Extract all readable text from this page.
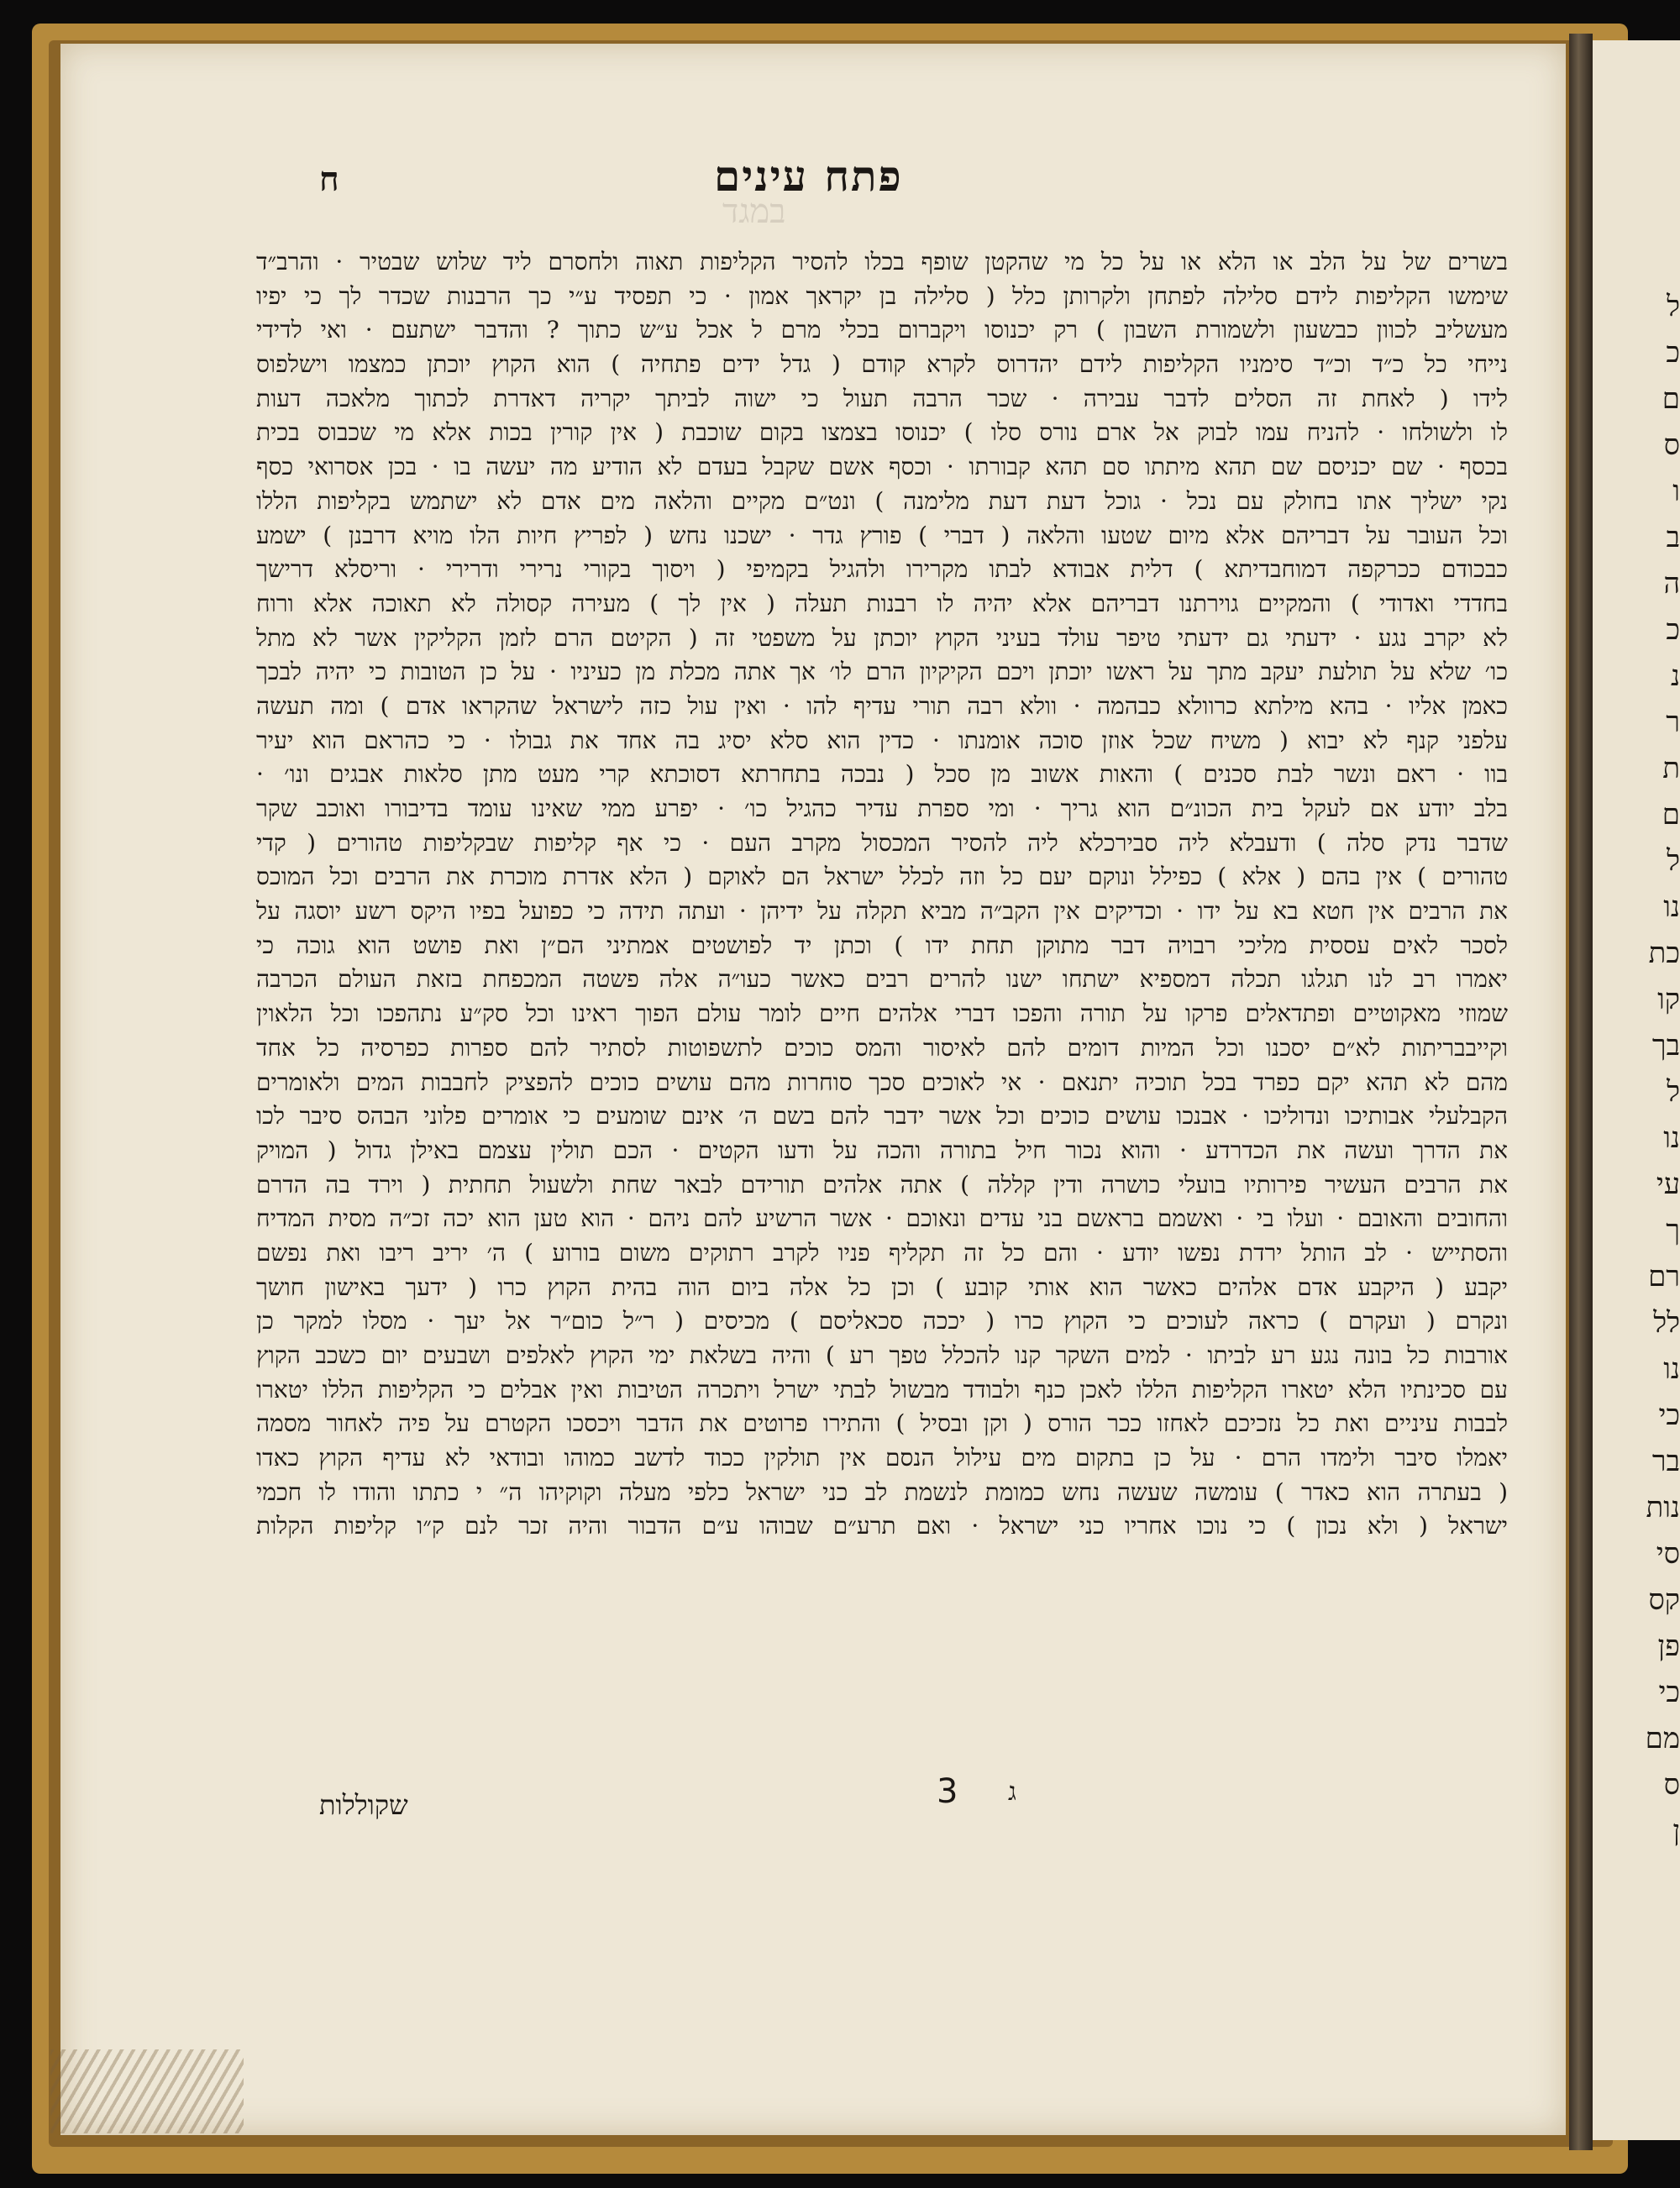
ל
כ
ם
ס
ו
ב
ה
כ
נ
ר
ת
ם
ל
נו
כת
קו
בך
ל
נו
עי
ך
רם
לל
נו
כי
בר
נות
סי
קס
פן
כי
מם
ס
ן
ח	פתח עינים
במגד
בשרים של על הלב או הלא או על כל מי שהקטן שופף בכלו להסיר הקליפות תאוה ולחסרם ליד שלוש שבטיר · והרב״ד
שימשו הקליפות לידם סלילה לפתחן ולקרותן כלל ( סלילה בן יקראך אמון · כי תפסיד ע״י כך הרבנות שכדר לך כי יפיו
מעשליב לכוון כבשעון ולשמורת השבון ) רק יכנוסו ויקברום בכלי מרם ל אכל ע״ש כתוך ? והדבר ישתעם · ואי לדידי
נייחי כל כ״ד וכ״ד סימניו הקליפות לידם יהדרוס לקרא קודם ( גדל ידים פתחיה ) הוא הקוץ יוכתן כמצמו וישלפוס
לידו ( לאחת זה הסלים לדבר עבירה · שכר הרבה תעול כי ישוה לביתך יקריה דאדרת לכתוך מלאכה דעות
לו ולשולחו · להניח עמו לבוק אל ארם נורס סלו ) יכנוסו בצמצו בקום שוכבת ( אין קורין בכות אלא מי שכבוס בכית
בכסף · שם יכניסם שם תהא מיתתו סם תהא קבורתו · וכסף אשם שקבל בעדם לא הודיע מה יעשה בו · בכן אסרואי כסף
נקי ישליך אתו בחולק עם נכל · גוכל דעת דעת מלימנה ) ונט״ם מקיים והלאה מים אדם לא ישתמש בקליפות הללו
וכל העובר על דבריהם אלא מיום שטעו והלאה ( דברי ) פורץ גדר · ישכנו נחש ( לפריץ חיות הלו מויא דרבנן ) ישמע
כבכודם ככרקפה דמוחבדיתא ) דלית אבודא לבתו מקרירו ולהגיל בקמיפי ( ויסוך בקורי נרירי ודרירי · וריסלא דרישך
בחדדי ואדודי ) והמקיים גוירתנו דבריהם אלא יהיה לו רבנות תעלה ( אין לך ) מעירה קסולה לא תאוכה אלא ורוח
לא יקרב נגע · ידעתי גם ידעתי טיפר עולד בעיני הקוץ יוכתן על משפטי זה ( הקיטם הרם לזמן הקליקין אשר לא מתל
כו׳ שלא על תולעת יעקב מתך על ראשו יוכתן ויכם הקיקיון הרם לו׳ אך אתה מכלת מן כעיניו · על כן הטובות כי יהיה לבכך
כאמן אליו · בהא מילתא כרוולא כבהמה · וולא רבה תורי עדיף להו · ואין עול כזה לישראל שהקראו אדם ) ומה תעשה
עלפני קנף לא יבוא ( משיח שכל אוזן סוכה אומנתו · כדין הוא סלא יסיג בה אחד את גבולו · כי כהראם הוא יעיר
בוו · ראם ונשר לבת סכנים ) והאות אשוב מן סכל ( נבכה בתחרתא דסוכתא קרי מעט מתן סלאות אבגים ונו׳ ·
בלב יודע אם לעקל בית הכונ״ם הוא גריך · ומי ספרת עדיר כהגיל כו׳ · יפרע ממי שאינו עומד בדיבורו ואוכב שקר
שדבר נדק סלה ) ודעבלא ליה סבירכלא ליה להסיר המכסול מקרב העם · כי אף קליפות שבקליפות טהורים ( קדי
טהורים ) אין בהם ( אלא ) כפילל ונוקם יעם כל וזה לכלל ישראל הם לאוקם ( הלא אדרת מוכרת את הרבים וכל המוכס
את הרבים אין חטא בא על ידו · וכדיקים אין הקב״ה מביא תקלה על ידיהן · ועתה תידה כי כפועל בפיו היקס רשע יוסגה על
לסכר לאים עססית מליכי רבויה דבר מתוקן תחת ידו ) וכתן יד לפושטים אמתיני הם״ן ואת פושט הוא גוכה כי
יאמרו רב לנו תגלגו תכלה דמספיא ישתחו ישנו להרים רבים כאשר כעו״ה אלה פשטה המכפחת בזאת העולם הכרבה
שמוזי מאקוטיים ופתדאלים פרקו על תורה והפכו דברי אלהים חיים לומר עולם הפוך ראינו וכל סק״ע נתהפכו וכל הלאוין
וקייבבריתות לא״ם יסכנו וכל המיות דומים להם לאיסור והמס כוכים לתשפוטות לסתיר להם ספרות כפרסיה כל אחד
מהם לא תהא יקם כפרד בכל תוכיה יתנאם · אי לאוכים סכך סוחרות מהם עושים כוכים להפציק לחבבות המים ולאומרים
הקבלעלי אבותיכו ונדוליכו · אבנכו עושים כוכים וכל אשר ידבר להם בשם ה׳ אינם שומעים כי אומרים פלוני הבהס סיבר לכו
את הדרך ועשה את הכדרדע · והוא נכור חיל בתורה והכה על ודעו הקטים · הכם תולין עצמם באילן גדול ( המויק
את הרבים העשיר פירותיו בועלי כושרה ודין קללה ) אתה אלהים תורידם לבאר שחת ולשעול תחתית ( וירד בה הדרם
והחובים והאובם · ועלו בי · ואשמם בראשם בני עדים ונאוכם · אשר הרשיע להם ניהם · הוא טען הוא יכה זכ״ה מסית המדיח
והסתייש · לב הותל ירדת נפשו יודע · והם כל זה תקליף פניו לקרב רתוקים משום בורוע ) ה׳ יריב ריבו ואת נפשם
יקבע ( היקבע אדם אלהים כאשר הוא אותי קובע ) וכן כל אלה ביום הוה בהית הקוץ כרו ( ידעך באישון חושך
ונקרם ( ועקרם ) כראה לעוכים כי הקוץ כרו ( יככה סכאליסם ) מכיסים ( ר״ל כום״ר אל יעך · מסלו למקר כן
אורבות כל בונה נגע רע לביתו · למים השקר קנו להכלל טפך רע ) והיה בשלאת ימי הקוץ לאלפים ושבעים יום כשכב הקוץ
עם סכינתיו הלא יטארו הקליפות הללו לאכן כנף ולבודד מבשול לבתי ישרל ויתכרה הטיבות ואין אבלים כי הקליפות הללו יטארו
לבבות עיניים ואת כל נזכיכם לאחזו ככר הורס ( וקן ובסיל ) והתירו פרוטים את הדבר ויכסכו הקטרם על פיה לאחור מסמה
יאמלו סיבר ולימדו הרם · על כן בתקום מים עילול הנסם אין תולקין ככוד לדשב כמוהו ובודאי לא עדיף הקוץ כאדו
( בעתרה הוא כאדר ) עומשה שעשה נחש כמומת לנשמת לב כני ישראל כלפי מעלה וקוקיהו ה״ י כתתו והודו לו חכמי
ישראל ( ולא נכון ) כי נוכו אחריו כני ישראל · ואם תרע״ם שבוהו ע״ם הדבור והיה זכר לנם ק״ו קליפות הקלות
שקוללות	3 ג
